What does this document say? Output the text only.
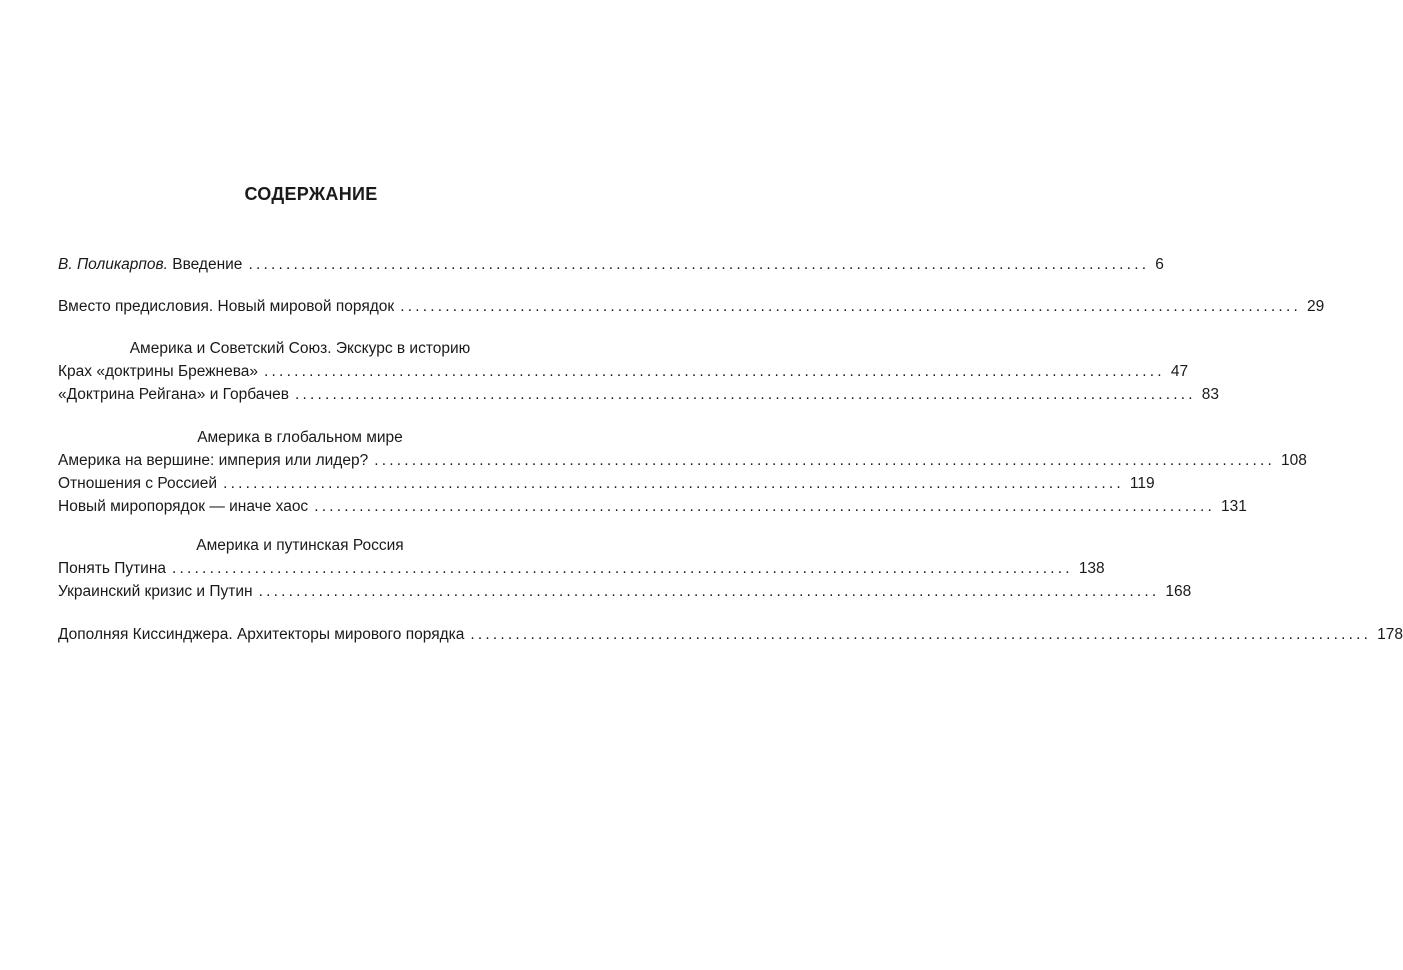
СОДЕРЖАНИЕ
В. Поликарпов. Введение ........................................................................................................................ 6
Вместо предисловия. Новый мировой порядок ........................................................................................................................ 29
Америка и Советский Союз. Экскурс в историю
Крах «доктрины Брежнева» ........................................................................................................................ 47
«Доктрина Рейгана» и Горбачев ........................................................................................................................ 83
Америка в глобальном мире
Америка на вершине: империя или лидер? ........................................................................................................................ 108
Отношения с Россией ........................................................................................................................ 119
Новый миропорядок — иначе хаос ........................................................................................................................ 131
Америка и путинская Россия
Понять Путина ........................................................................................................................ 138
Украинский кризис и Путин ........................................................................................................................ 168
Дополняя Киссинджера. Архитекторы мирового порядка ........................................................................................................................ 178
